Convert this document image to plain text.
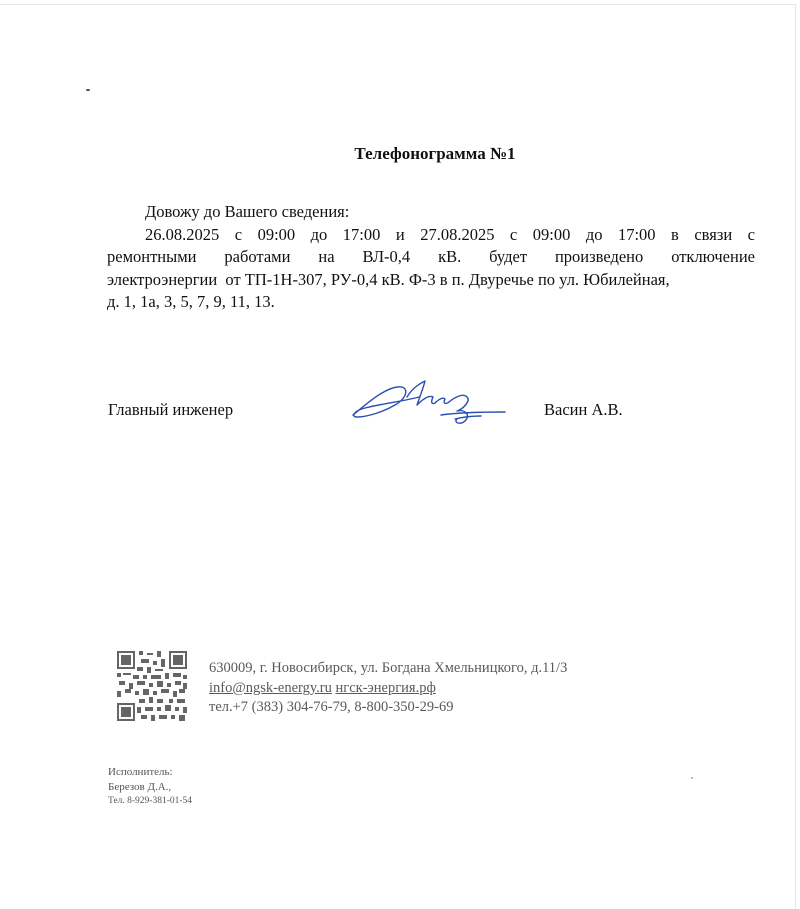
Телефонограмма №1
Довожу до Вашего сведения:
26.08.2025 с 09:00 до 17:00 и 27.08.2025 с 09:00 до 17:00 в связи с
ремонтными работами на ВЛ-0,4 кВ. будет произведено отключение
электроэнергии  от ТП-1Н-307, РУ-0,4 кВ. Ф-3 в п. Двуречье по ул. Юбилейная,
д. 1, 1а, 3, 5, 7, 9, 11, 13.
Главный инженер	Васин А.В.
630009, г. Новосибирск, ул. Богдана Хмельницкого, д.11/3
info@ngsk-energy.ru нгск-энергия.рф
тел.+7 (383) 304-76-79, 8-800-350-29-69
Исполнитель:
Березов Д.А.,
Тел. 8-929-381-01-54
